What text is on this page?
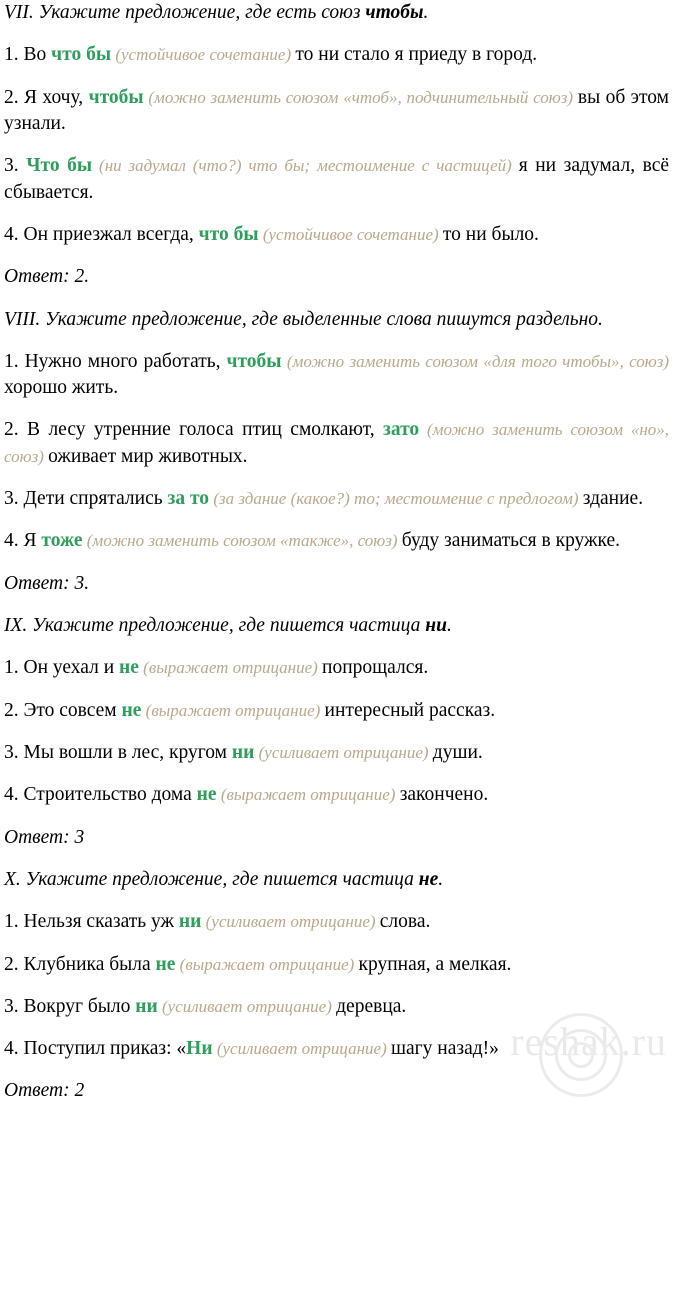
VII. Укажите предложение, где есть союз чтобы.

1. Во что бы (устойчивое сочетание) то ни стало я приеду в город.

2. Я хочу, чтобы (можно заменить союзом «чтоб», подчинительный союз) вы об этом узнали.

3. Что бы (ни задумал (что?) что бы; местоимение с частицей) я ни задумал, всё сбывается.

4. Он приезжал всегда, что бы (устойчивое сочетание) то ни было.

Ответ: 2.

VIII. Укажите предложение, где выделенные слова пишутся раздельно.

1. Нужно много работать, чтобы (можно заменить союзом «для того чтобы», союз) хорошо жить.

2. В лесу утренние голоса птиц смолкают, зато (можно заменить союзом «но», союз) оживает мир животных.

3. Дети спрятались за то (за здание (какое?) то; местоимение с предлогом) здание.

4. Я тоже (можно заменить союзом «также», союз) буду заниматься в кружке.

Ответ: 3.

IX. Укажите предложение, где пишется частица ни.

1. Он уехал и не (выражает отрицание) попрощался.

2. Это совсем не (выражает отрицание) интересный рассказ.

3. Мы вошли в лес, кругом ни (усиливает отрицание) души.

4. Строительство дома не (выражает отрицание) закончено.

Ответ: 3

X. Укажите предложение, где пишется частица не.

1. Нельзя сказать уж ни (усиливает отрицание) слова.

2. Клубника была не (выражает отрицание) крупная, а мелкая.

3. Вокруг было ни (усиливает отрицание) деревца.

4. Поступил приказ: «Ни (усиливает отрицание) шагу назад!»

Ответ: 2

reshak.ru
